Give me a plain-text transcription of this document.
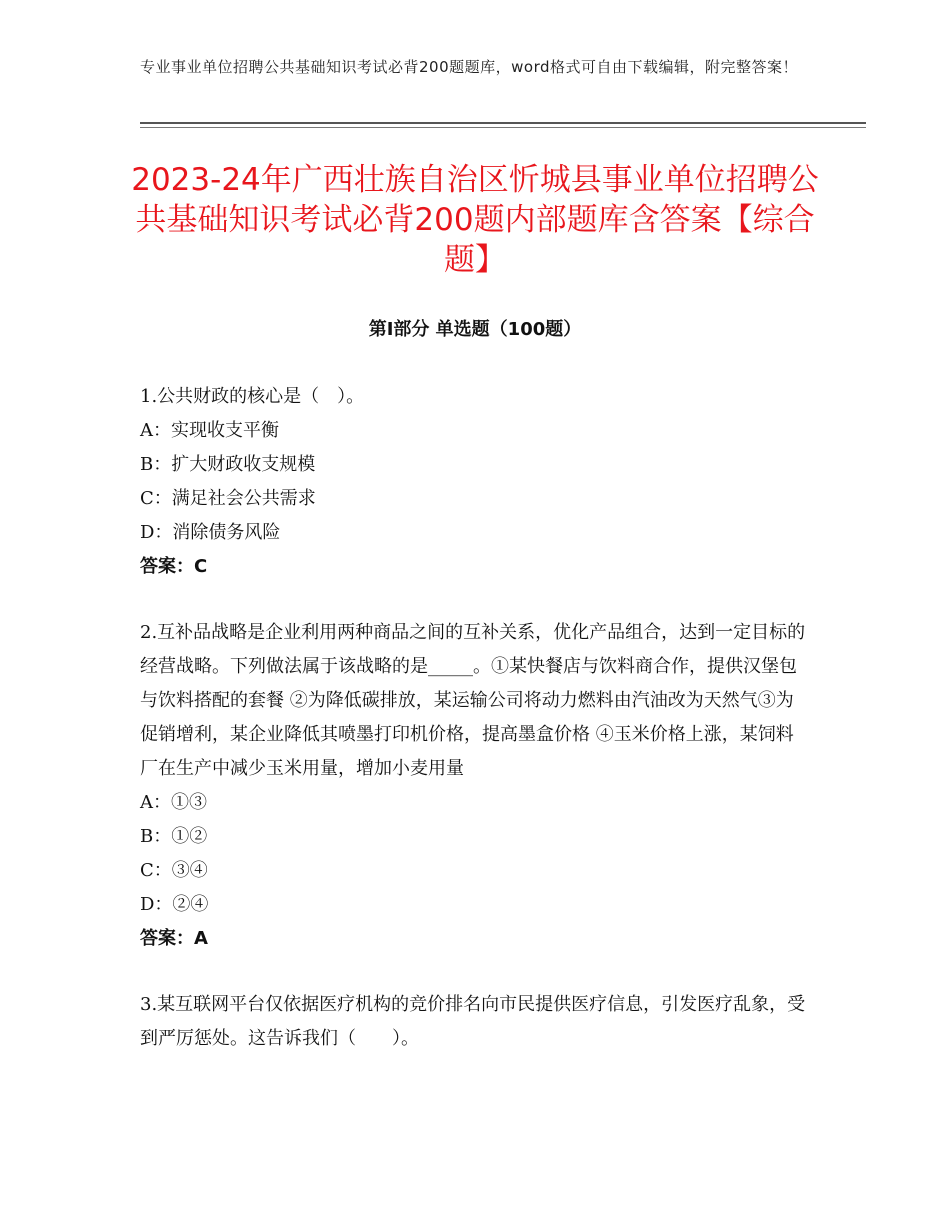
专业事业单位招聘公共基础知识考试必背200题题库，word格式可自由下载编辑，附完整答案！
2023-24年广西壮族自治区忻城县事业单位招聘公共基础知识考试必背200题内部题库含答案【综合题】
第Ⅰ部分 单选题（100题）

1.公共财政的核心是（　）。

A：实现收支平衡

B：扩大财政收支规模

C：满足社会公共需求

D：消除债务风险

答案：C

2.互补品战略是企业利用两种商品之间的互补关系，优化产品组合，达到一定目标的经营战略。下列做法属于该战略的是_____。①某快餐店与饮料商合作，提供汉堡包与饮料搭配的套餐 ②为降低碳排放，某运输公司将动力燃料由汽油改为天然气③为促销增利，某企业降低其喷墨打印机价格，提高墨盒价格 ④玉米价格上涨，某饲料厂在生产中减少玉米用量，增加小麦用量

A：①③

B：①②

C：③④

D：②④

答案：A

3.某互联网平台仅依据医疗机构的竞价排名向市民提供医疗信息，引发医疗乱象，受到严厉惩处。这告诉我们（　　）。
